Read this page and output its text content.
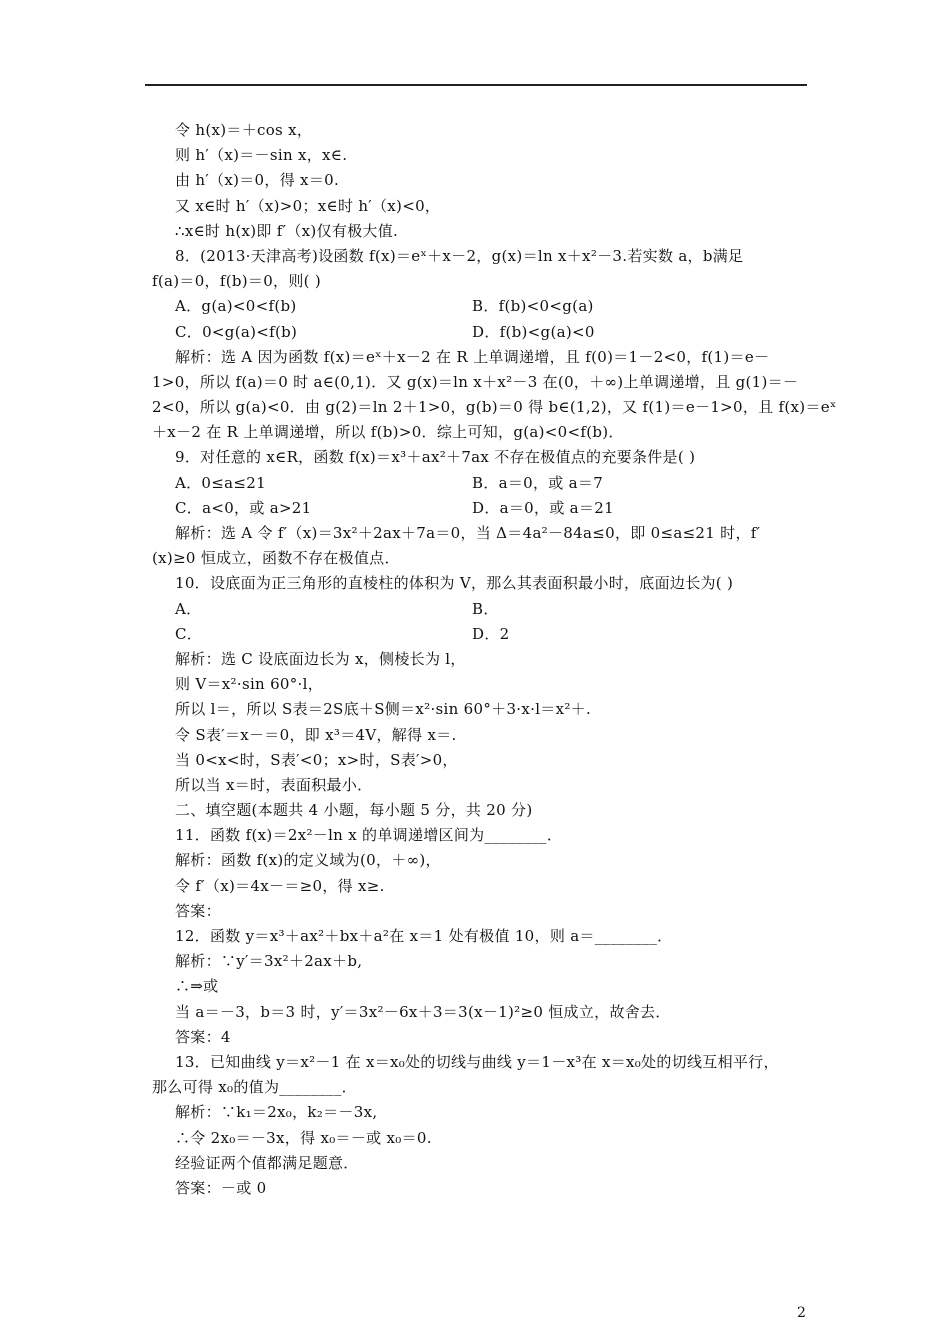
令 h(x)＝＋cos x，
则 h′（x)＝－sin x，x∈.
由 h′（x)＝0，得 x＝0.
又 x∈时 h′（x)>0；x∈时 h′（x)<0，
∴x∈时 h(x)即 f′（x)仅有极大值.
8．(2013·天津高考)设函数 f(x)＝eˣ＋x－2，g(x)＝ln x＋x²－3.若实数 a，b满足
f(a)＝0，f(b)＝0，则( )
A．g(a)<0<f(b)	B．f(b)<0<g(a)
C．0<g(a)<f(b)	D．f(b)<g(a)<0
解析：选 A 因为函数 f(x)＝eˣ＋x－2 在 R 上单调递增，且 f(0)＝1－2<0，f(1)＝e－
1>0，所以 f(a)＝0 时 a∈(0,1)．又 g(x)＝ln x＋x²－3 在(0，＋∞)上单调递增，且 g(1)＝－
2<0，所以 g(a)<0．由 g(2)＝ln 2＋1>0，g(b)＝0 得 b∈(1,2)，又 f(1)＝e－1>0，且 f(x)＝eˣ
＋x－2 在 R 上单调递增，所以 f(b)>0．综上可知，g(a)<0<f(b)．
9．对任意的 x∈R，函数 f(x)＝x³＋ax²＋7ax 不存在极值点的充要条件是( )
A．0≤a≤21	B．a＝0，或 a＝7
C．a<0，或 a>21	D．a＝0，或 a＝21
解析：选 A 令 f′（x)＝3x²＋2ax＋7a＝0，当 Δ＝4a²－84a≤0，即 0≤a≤21 时，f′
(x)≥0 恒成立，函数不存在极值点．
10．设底面为正三角形的直棱柱的体积为 V，那么其表面积最小时，底面边长为( )
A．	B．
C．	D．2
解析：选 C 设底面边长为 x，侧棱长为 l，
则 V＝x²·sin 60°·l，
所以 l＝，所以 S表＝2S底＋S侧＝x²·sin 60°＋3·x·l＝x²＋.
令 S表′＝x－＝0，即 x³＝4V，解得 x＝.
当 0<x<时，S表′<0；x>时，S表′>0，
所以当 x＝时，表面积最小．
二、填空题(本题共 4 小题，每小题 5 分，共 20 分)
11．函数 f(x)＝2x²－ln x 的单调递增区间为________．
解析：函数 f(x)的定义域为(0，＋∞)，
令 f′（x)＝4x－＝≥0，得 x≥.
答案：
12．函数 y＝x³＋ax²＋bx＋a²在 x＝1 处有极值 10，则 a＝________．
解析：∵y′＝3x²＋2ax＋b,
∴⇒或
当 a＝－3，b＝3 时，y′＝3x²－6x＋3＝3(x－1)²≥0 恒成立，故舍去．
答案：4
13．已知曲线 y＝x²－1 在 x＝x₀处的切线与曲线 y＝1－x³在 x＝x₀处的切线互相平行，
那么可得 x₀的值为________．
解析：∵k₁＝2x₀，k₂＝－3x,
∴令 2x₀＝－3x，得 x₀＝－或 x₀＝0.
经验证两个值都满足题意．
答案：－或 0
2
